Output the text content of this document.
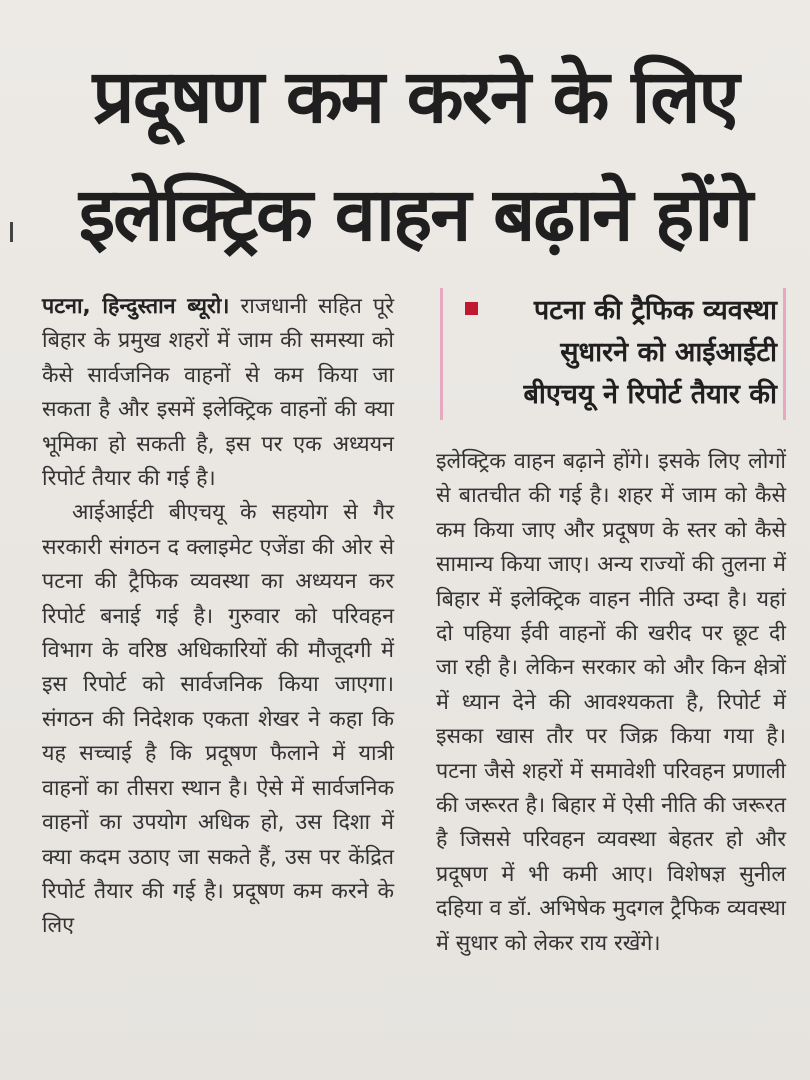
प्रदूषण कम करने के लिए
इलेक्ट्रिक वाहन बढ़ाने होंगे

पटना, हिन्दुस्तान ब्यूरो। राजधानी सहित पूरे बिहार के प्रमुख शहरों में जाम की समस्या को कैसे सार्वजनिक वाहनों से कम किया जा सकता है और इसमें इलेक्ट्रिक वाहनों की क्या भूमिका हो सकती है, इस पर एक अध्ययन रिपोर्ट तैयार की गई है।

आईआईटी बीएचयू के सहयोग से गैर सरकारी संगठन द क्लाइमेट एजेंडा की ओर से पटना की ट्रैफिक व्यवस्था का अध्ययन कर रिपोर्ट बनाई गई है। गुरुवार को परिवहन विभाग के वरिष्ठ अधिकारियों की मौजूदगी में इस रिपोर्ट को सार्वजनिक किया जाएगा। संगठन की निदेशक एकता शेखर ने कहा कि यह सच्चाई है कि प्रदूषण फैलाने में यात्री वाहनों का तीसरा स्थान है। ऐसे में सार्वजनिक वाहनों का उपयोग अधिक हो, उस दिशा में क्या कदम उठाए जा सकते हैं, उस पर केंद्रित रिपोर्ट तैयार की गई है। प्रदूषण कम करने के लिए

पटना की ट्रैफिक व्यवस्था
सुधारने को आईआईटी
बीएचयू ने रिपोर्ट तैयार की

इलेक्ट्रिक वाहन बढ़ाने होंगे। इसके लिए लोगों से बातचीत की गई है। शहर में जाम को कैसे कम किया जाए और प्रदूषण के स्तर को कैसे सामान्य किया जाए। अन्य राज्यों की तुलना में बिहार में इलेक्ट्रिक वाहन नीति उम्दा है। यहां दो पहिया ईवी वाहनों की खरीद पर छूट दी जा रही है। लेकिन सरकार को और किन क्षेत्रों में ध्यान देने की आवश्यकता है, रिपोर्ट में इसका खास तौर पर जिक्र किया गया है। पटना जैसे शहरों में समावेशी परिवहन प्रणाली की जरूरत है। बिहार में ऐसी नीति की जरूरत है जिससे परिवहन व्यवस्था बेहतर हो और प्रदूषण में भी कमी आए। विशेषज्ञ सुनील दहिया व डॉ. अभिषेक मुदगल ट्रैफिक व्यवस्था में सुधार को लेकर राय रखेंगे।
